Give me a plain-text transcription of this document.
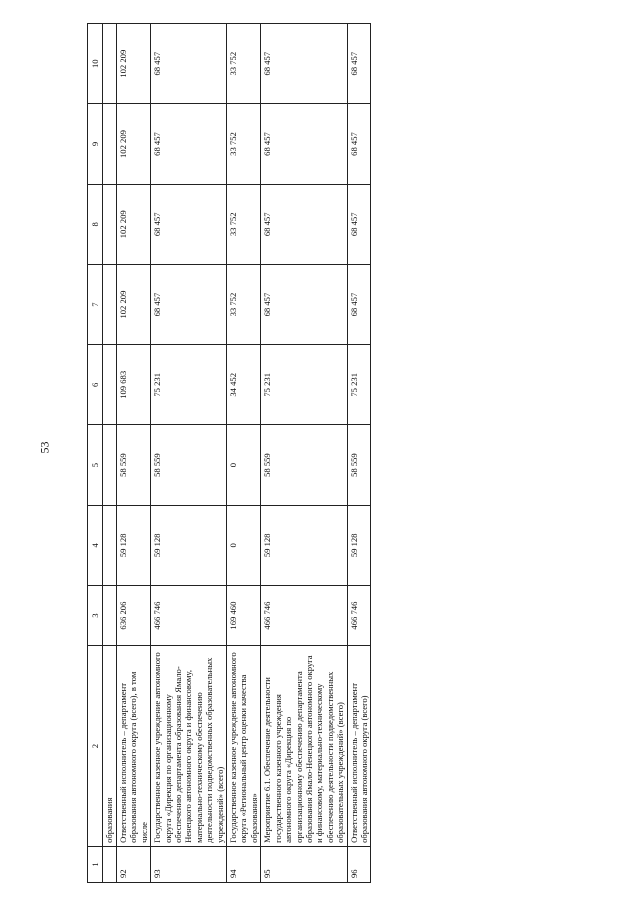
53
1	2	3	4	5	6	7	8	9	10
	образования								
92	Ответственный исполнитель – департамент образования автономного округа (всего), в том числе	636 206	59 128	58 559	109 683	102 209	102 209	102 209	102 209
93	Государственное казенное учреждение автономного округа «Дирекция по организационному обеспечению департамента образования Ямало-Ненецкого автономного округа и финансовому, материально-техническому обеспечению деятельности подведомственных образовательных учреждений» (всего)	466 746	59 128	58 559	75 231	68 457	68 457	68 457	68 457
94	Государственное казенное учреждение автономного округа «Региональный центр оценки качества образования»	169 460	0	0	34 452	33 752	33 752	33 752	33 752
95	Мероприятие 6.1. Обеспечение деятельности государственного казенного учреждения автономного округа «Дирекция по организационному обеспечению департамента образования Ямало-Ненецкого автономного округа и финансовому, материально-техническому обеспечению деятельности подведомственных образовательных учреждений» (всего)	466 746	59 128	58 559	75 231	68 457	68 457	68 457	68 457
96	Ответственный исполнитель – департамент образования автономного округа (всего)	466 746	59 128	58 559	75 231	68 457	68 457	68 457	68 457
